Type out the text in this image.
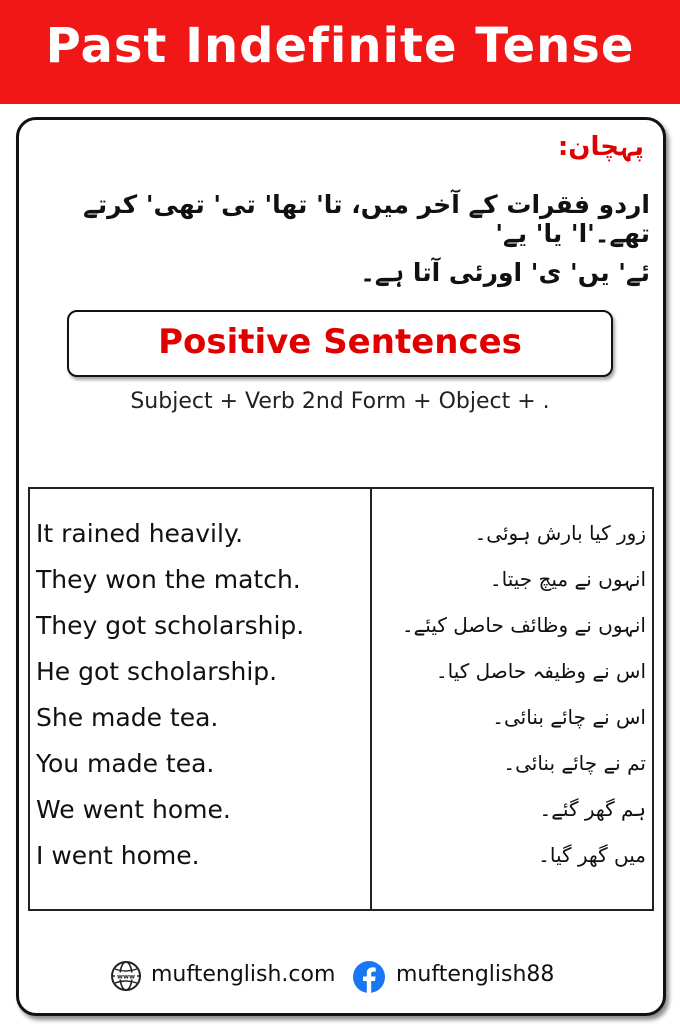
Past Indefinite Tense
پہچان:
اردو فقرات کے آخر میں، تا' تھا' تی' تھی' کرتے تھے۔'ا' یا' یے'
ئے' یں' ی' اورئی آتا ہے۔
Positive Sentences
Subject + Verb 2nd Form + Object + .
It rained heavily.	زور کیا بارش ہوئی۔
They won the match.	انہوں نے میچ جیتا۔
They got scholarship.	انہوں نے وظائف حاصل کیئے۔
He got scholarship.	اس نے وظیفہ حاصل کیا۔
She made tea.	اس نے چائے بنائی۔
You made tea.	تم نے چائے بنائی۔
We went home.	ہم گھر گئے۔
I went home.	میں گھر گیا۔
www muftenglish.com	muftenglish88
